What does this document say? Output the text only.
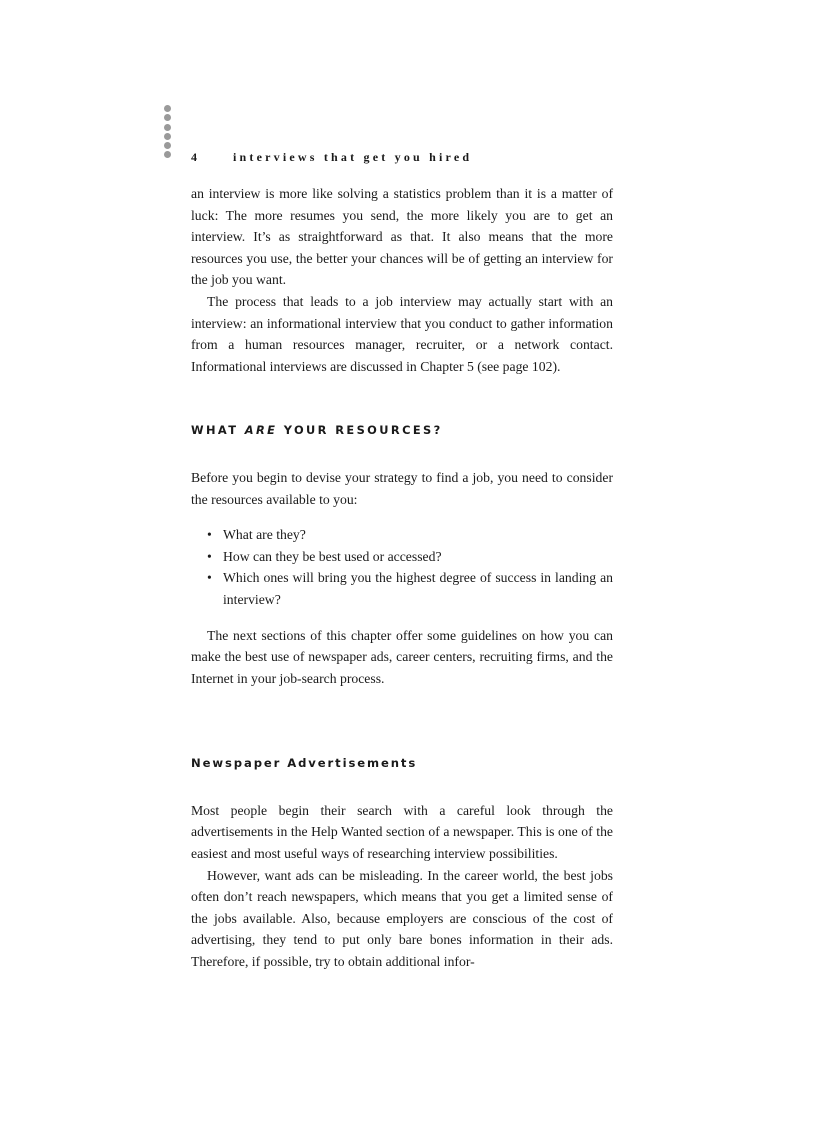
4	interviews that get you hired

an interview is more like solving a statistics problem than it is a matter of luck: The more resumes you send, the more likely you are to get an interview. It’s as straightforward as that. It also means that the more resources you use, the better your chances will be of getting an interview for the job you want.

The process that leads to a job interview may actually start with an interview: an informational interview that you conduct to gather information from a human resources manager, recruiter, or a network contact. Informational interviews are discussed in Chapter 5 (see page 102).

WHAT ARE YOUR RESOURCES?

Before you begin to devise your strategy to find a job, you need to consider the resources available to you:

• What are they?
• How can they be best used or accessed?
• Which ones will bring you the highest degree of success in landing an interview?

The next sections of this chapter offer some guidelines on how you can make the best use of newspaper ads, career centers, recruiting firms, and the Internet in your job-search process.

Newspaper Advertisements

Most people begin their search with a careful look through the advertisements in the Help Wanted section of a newspaper. This is one of the easiest and most useful ways of researching interview possibilities.

However, want ads can be misleading. In the career world, the best jobs often don’t reach newspapers, which means that you get a limited sense of the jobs available. Also, because employers are conscious of the cost of advertising, they tend to put only bare bones information in their ads. Therefore, if possible, try to obtain additional infor-
